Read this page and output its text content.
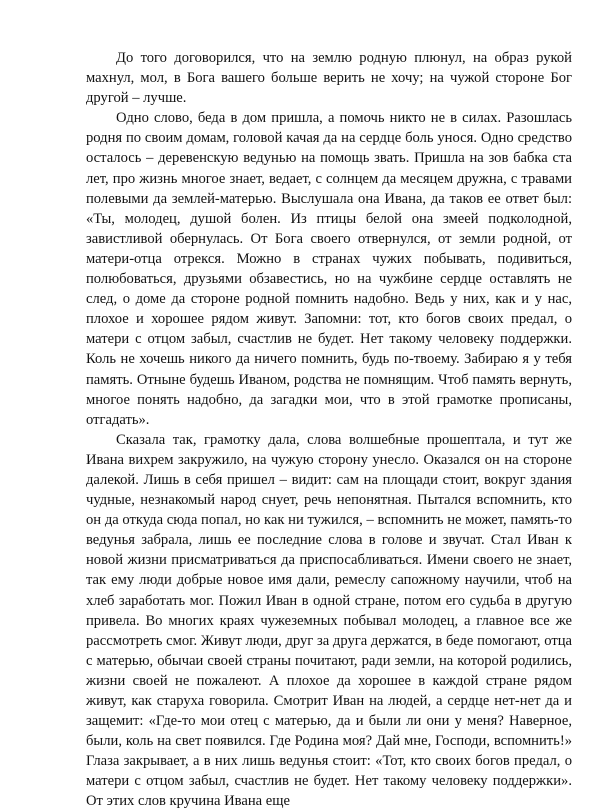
До того договорился, что на землю родную плюнул, на образ рукой махнул, мол, в Бога вашего больше верить не хочу; на чужой стороне Бог другой – лучше.

Одно слово, беда в дом пришла, а помочь никто не в силах. Разошлась родня по своим домам, головой качая да на сердце боль унося. Одно средство осталось – деревенскую ведунью на помощь звать. Пришла на зов бабка ста лет, про жизнь многое знает, ведает, с солнцем да месяцем дружна, с травами полевыми да землей-матерью. Выслушала она Ивана, да таков ее ответ был: «Ты, молодец, душой болен. Из птицы белой она змеей подколодной, завистливой обернулась. От Бога своего отвернулся, от земли родной, от матери-отца отрекся. Можно в странах чужих побывать, подивиться, полюбоваться, друзьями обзавестись, но на чужбине сердце оставлять не след, о доме да стороне родной помнить надобно. Ведь у них, как и у нас, плохое и хорошее рядом живут. Запомни: тот, кто богов своих предал, о матери с отцом забыл, счастлив не будет. Нет такому человеку поддержки. Коль не хочешь никого да ничего помнить, будь по-твоему. Забираю я у тебя память. Отныне будешь Иваном, родства не помнящим. Чтоб память вернуть, многое понять надобно, да загадки мои, что в этой грамотке прописаны, отгадать».

Сказала так, грамотку дала, слова волшебные прошептала, и тут же Ивана вихрем закружило, на чужую сторону унесло. Оказался он на стороне далекой. Лишь в себя пришел – видит: сам на площади стоит, вокруг здания чудные, незнакомый народ снует, речь непонятная. Пытался вспомнить, кто он да откуда сюда попал, но как ни тужился, – вспомнить не может, память-то ведунья забрала, лишь ее последние слова в голове и звучат. Стал Иван к новой жизни присматриваться да приспосабливаться. Имени своего не знает, так ему люди добрые новое имя дали, ремеслу сапожному научили, чтоб на хлеб заработать мог. Пожил Иван в одной стране, потом его судьба в другую привела. Во многих краях чужеземных побывал молодец, а главное все же рассмотреть смог. Живут люди, друг за друга держатся, в беде помогают, отца с матерью, обычаи своей страны почитают, ради земли, на которой родились, жизни своей не пожалеют. А плохое да хорошее в каждой стране рядом живут, как старуха говорила. Смотрит Иван на людей, а сердце нет-нет да и защемит: «Где-то мои отец с матерью, да и были ли они у меня? Наверное, были, коль на свет появился. Где Родина моя? Дай мне, Господи, вспомнить!» Глаза закрывает, а в них лишь ведунья стоит: «Тот, кто своих богов предал, о матери с отцом забыл, счастлив не будет. Нет такому человеку поддержки». От этих слов кручина Ивана еще
